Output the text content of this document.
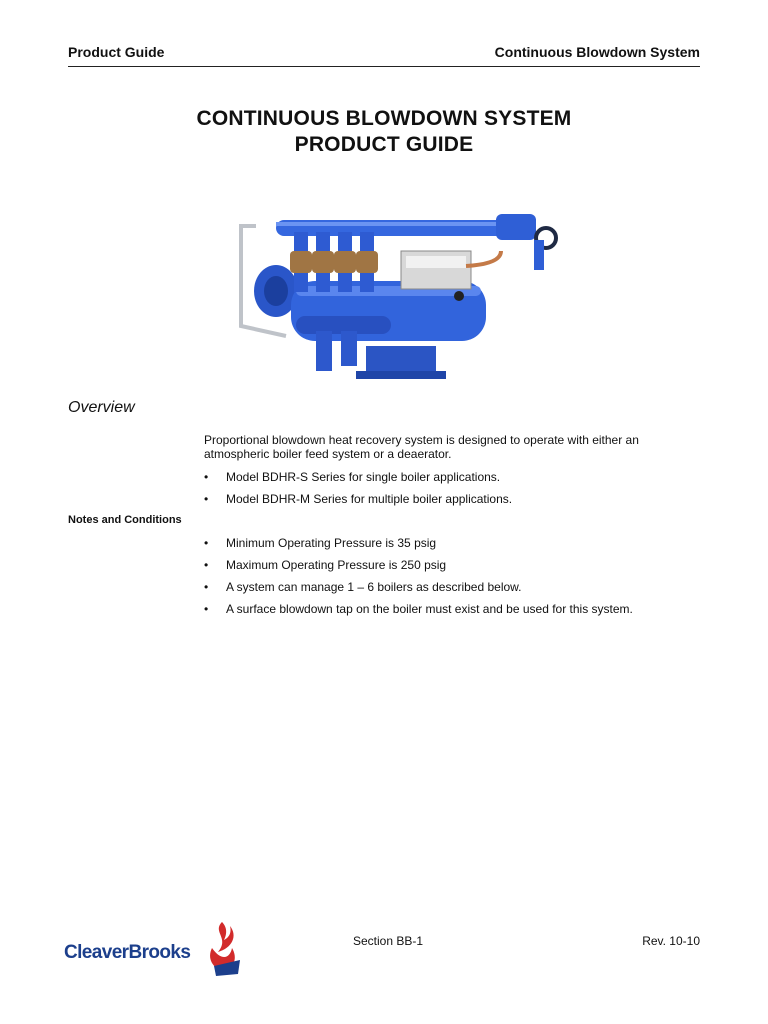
Product Guide	Continuous Blowdown System
CONTINUOUS BLOWDOWN SYSTEM
PRODUCT GUIDE
Overview
Proportional blowdown heat recovery system is designed to operate with either an atmospheric boiler feed system or a deaerator.
• Model BDHR-S Series for single boiler applications.
• Model BDHR-M Series for multiple boiler applications.
Notes and Conditions
• Minimum Operating Pressure is 35 psig
• Maximum Operating Pressure is 250 psig
• A system can manage 1 – 6 boilers as described below.
• A surface blowdown tap on the boiler must exist and be used for this system.
CleaverBrooks
Section BB-1	Rev. 10-10
